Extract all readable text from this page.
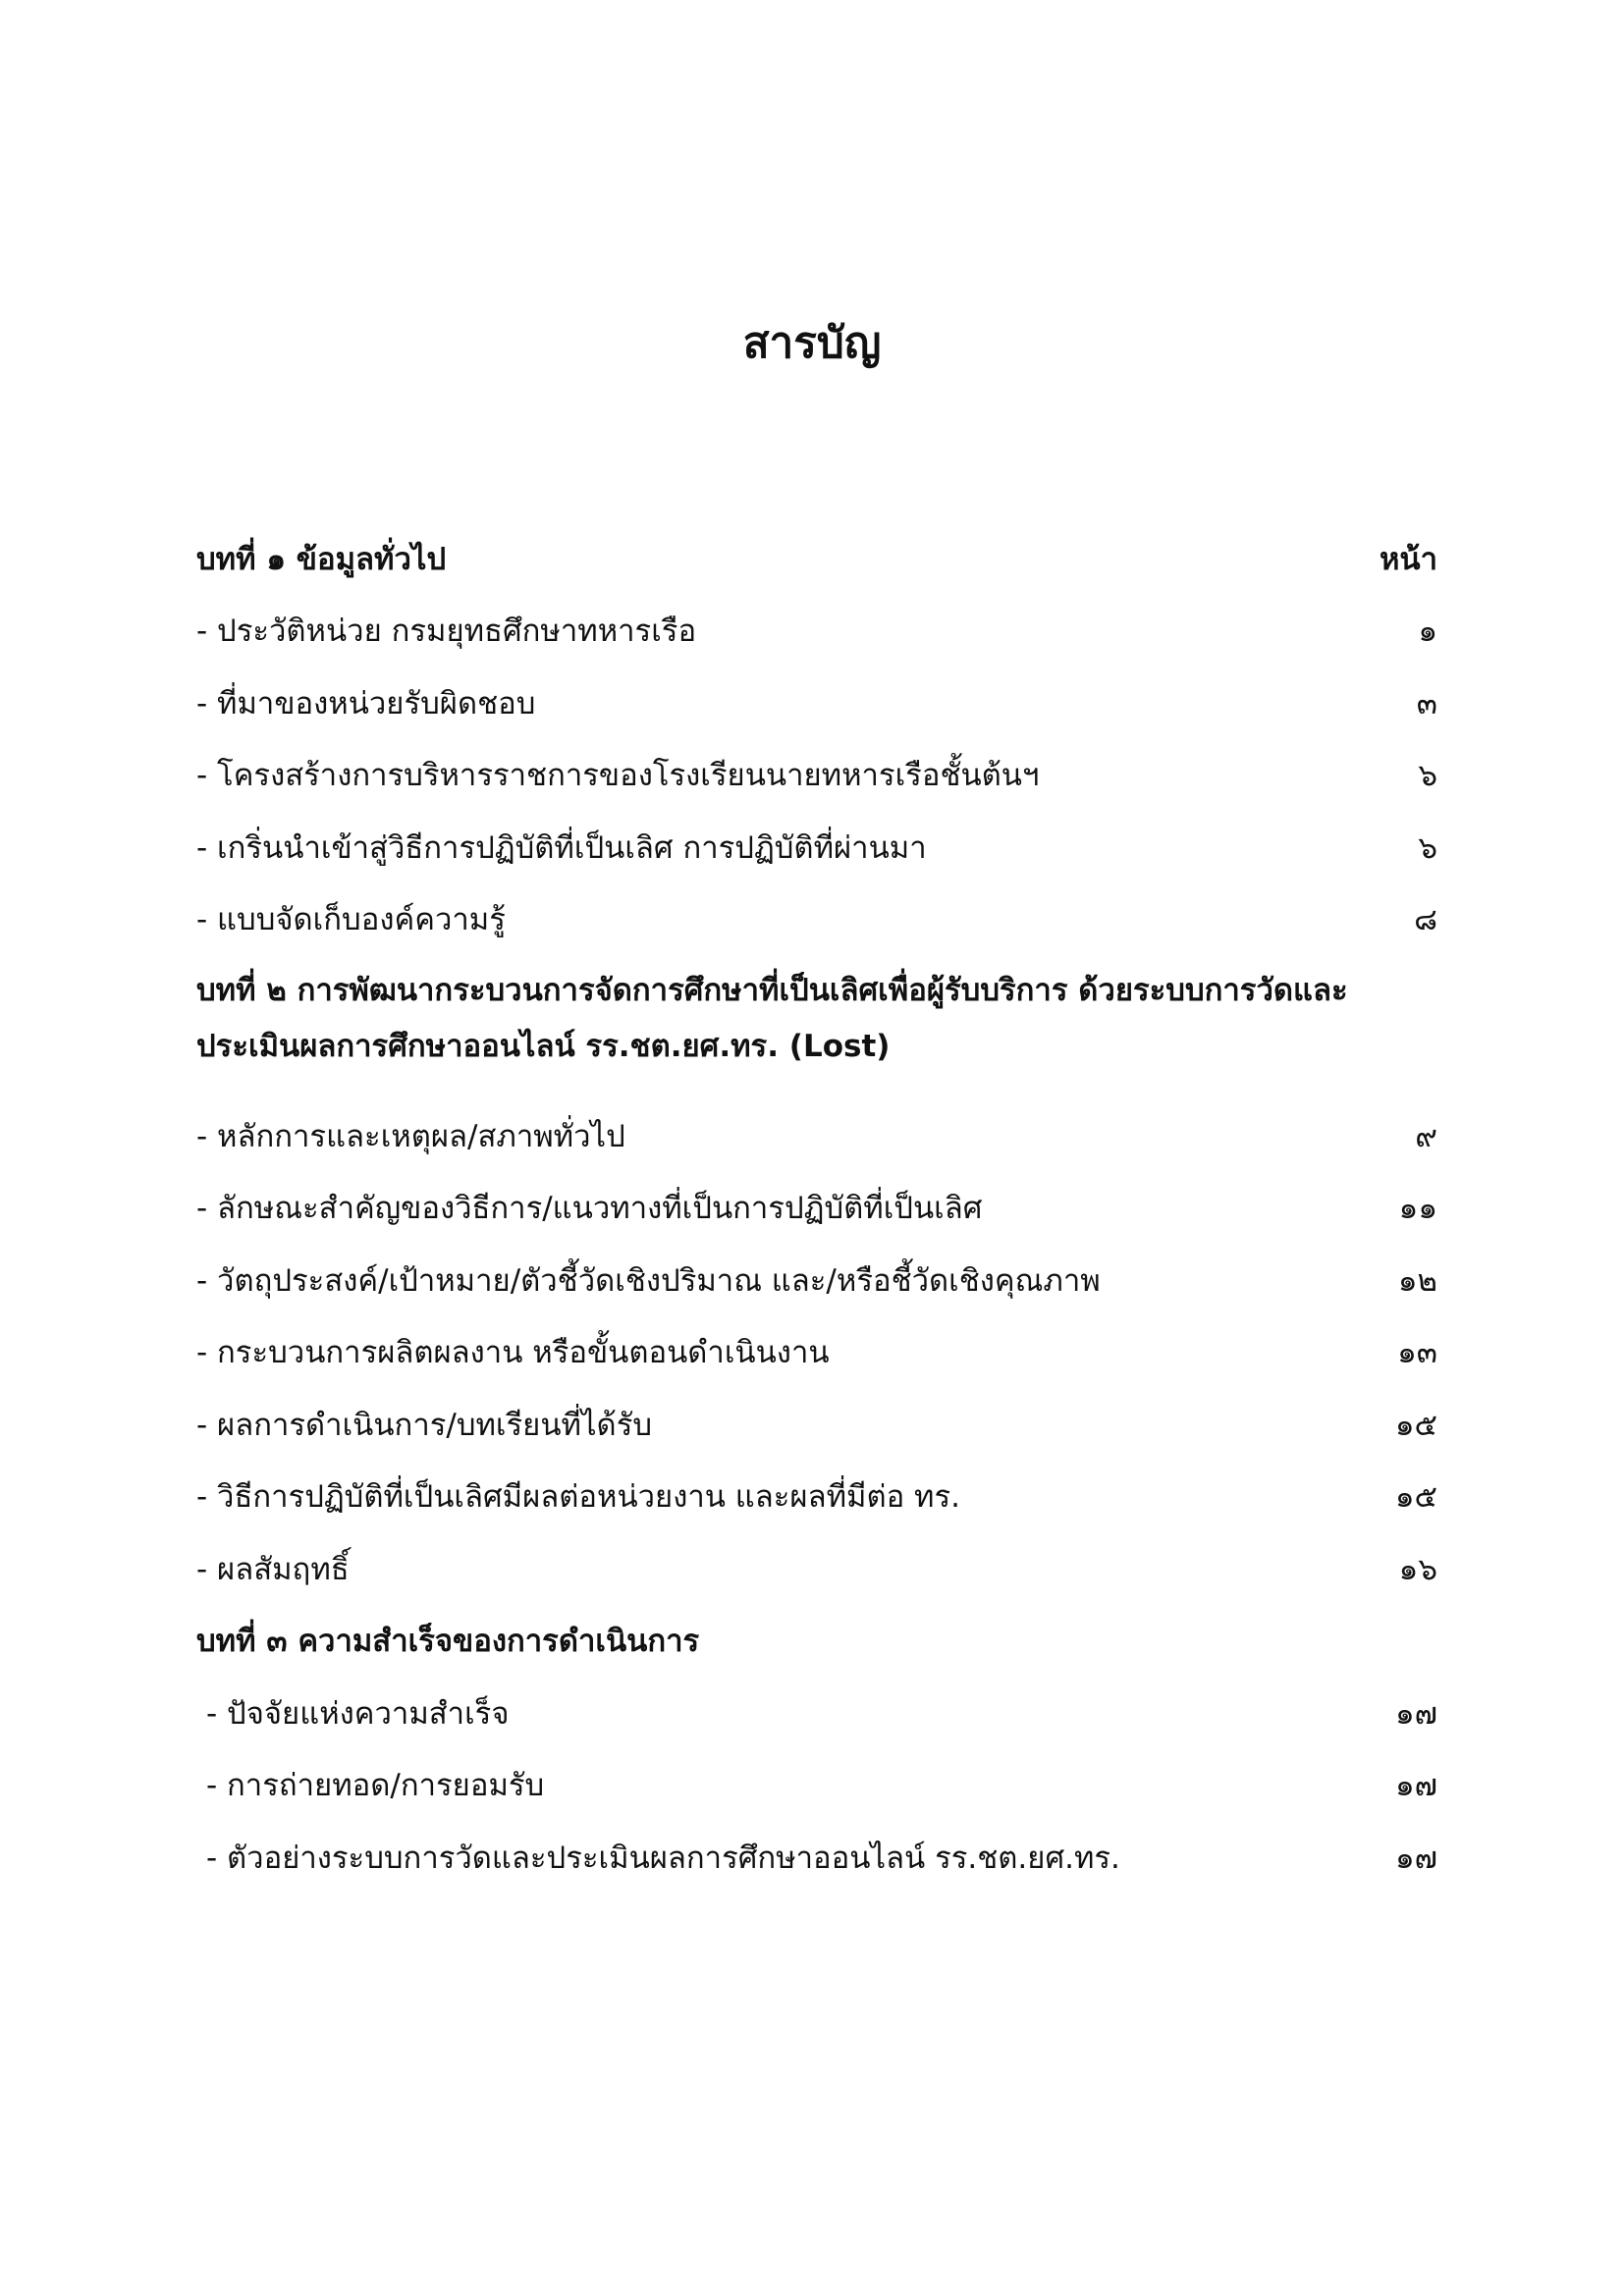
สารบัญ
บทที่ ๑ ข้อมูลทั่วไป	หน้า
- ประวัติหน่วย กรมยุทธศึกษาทหารเรือ	๑
- ที่มาของหน่วยรับผิดชอบ	๓
- โครงสร้างการบริหารราชการของโรงเรียนนายทหารเรือชั้นต้นฯ	๖
- เกริ่นนำเข้าสู่วิธีการปฏิบัติที่เป็นเลิศ การปฏิบัติที่ผ่านมา	๖
- แบบจัดเก็บองค์ความรู้	๘
บทที่ ๒ การพัฒนากระบวนการจัดการศึกษาที่เป็นเลิศเพื่อผู้รับบริการ ด้วยระบบการวัดและประเมินผลการศึกษาออนไลน์ รร.ชต.ยศ.ทร. (Lost)
- หลักการและเหตุผล/สภาพทั่วไป	๙
- ลักษณะสำคัญของวิธีการ/แนวทางที่เป็นการปฏิบัติที่เป็นเลิศ	๑๑
- วัตถุประสงค์/เป้าหมาย/ตัวชี้วัดเชิงปริมาณ และ/หรือชี้วัดเชิงคุณภาพ	๑๒
- กระบวนการผลิตผลงาน หรือขั้นตอนดำเนินงาน	๑๓
- ผลการดำเนินการ/บทเรียนที่ได้รับ	๑๕
- วิธีการปฏิบัติที่เป็นเลิศมีผลต่อหน่วยงาน และผลที่มีต่อ ทร.	๑๕
- ผลสัมฤทธิ์	๑๖
บทที่ ๓ ความสำเร็จของการดำเนินการ
- ปัจจัยแห่งความสำเร็จ	๑๗
- การถ่ายทอด/การยอมรับ	๑๗
- ตัวอย่างระบบการวัดและประเมินผลการศึกษาออนไลน์ รร.ชต.ยศ.ทร.	๑๗
